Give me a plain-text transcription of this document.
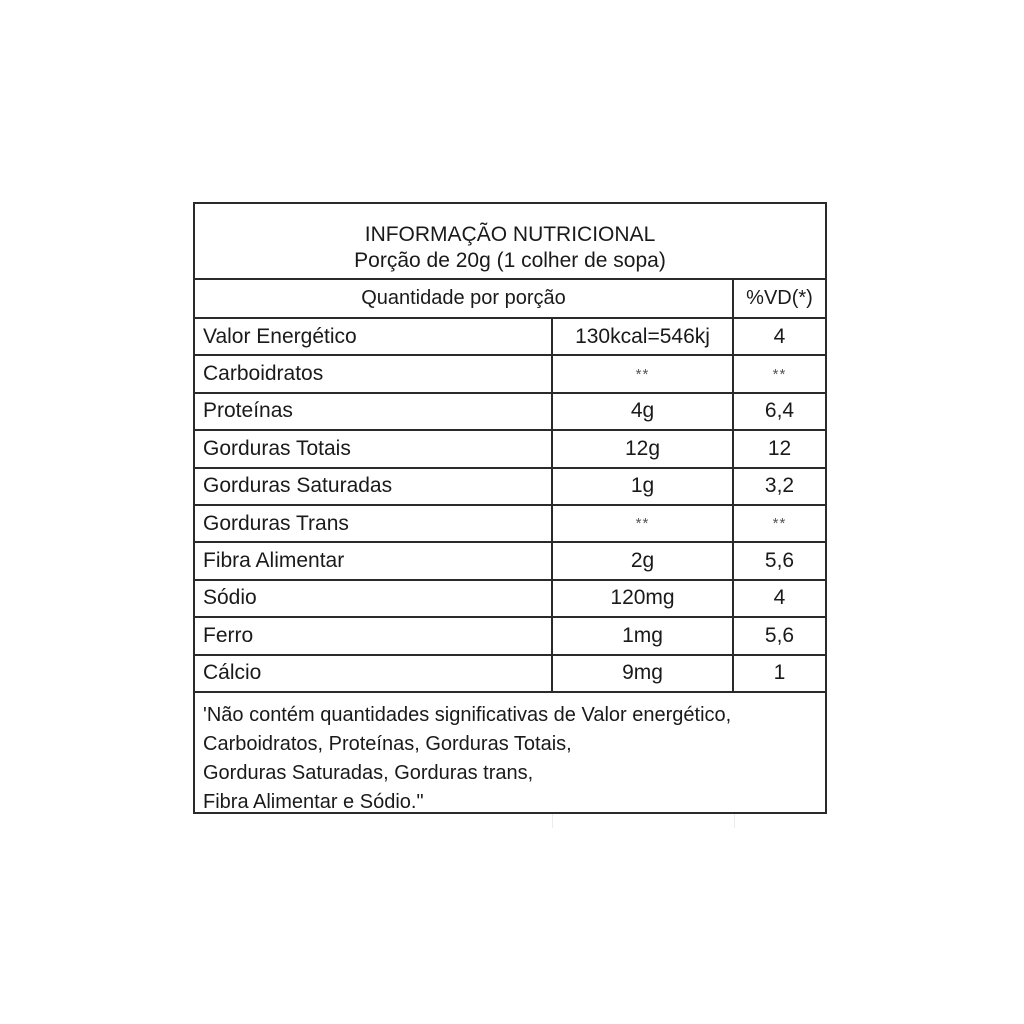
INFORMAÇÃO NUTRICIONAL
Porção de 20g (1 colher de sopa)
Quantidade por porção	%VD(*)
Valor Energético	130kcal=546kj	4
Carboidratos	**	**
Proteínas	4g	6,4
Gorduras Totais	12g	12
Gorduras Saturadas	1g	3,2
Gorduras Trans	**	**
Fibra Alimentar	2g	5,6
Sódio	120mg	4
Ferro	1mg	5,6
Cálcio	9mg	1
'Não contém quantidades significativas de Valor energético,
Carboidratos, Proteínas, Gorduras Totais,
Gorduras Saturadas, Gorduras trans,
Fibra Alimentar e Sódio."
